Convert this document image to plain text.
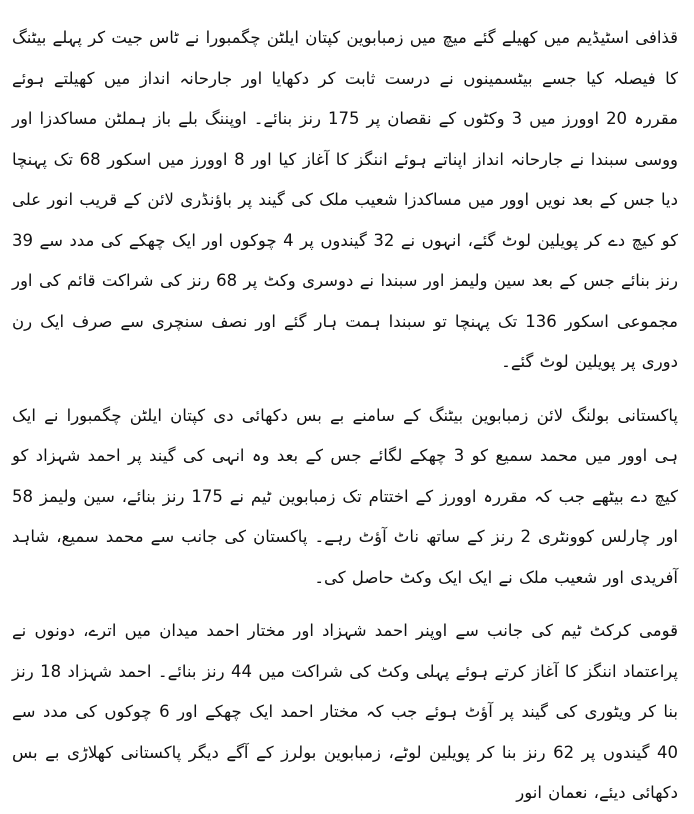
قذافی اسٹیڈیم میں کھیلے گئے میچ میں زمبابوین کپتان ایلٹن چگمبورا نے ٹاس جیت کر پہلے بیٹنگ کا فیصلہ کیا جسے بیٹسمینوں نے درست ثابت کر دکھایا اور جارحانہ انداز میں کھیلتے ہوئے مقررہ 20 اوورز میں 3 وکٹوں کے نقصان پر 175 رنز بنائے۔ اوپننگ بلے باز ہملٹن مساکدزا اور ووسی سبندا نے جارحانہ انداز اپناتے ہوئے اننگز کا آغاز کیا اور 8 اوورز میں اسکور 68 تک پہنچا دیا جس کے بعد نویں اوور میں مساکدزا شعیب ملک کی گیند پر باؤنڈری لائن کے قریب انور علی کو کیچ دے کر پویلین لوٹ گئے، انہوں نے 32 گیندوں پر 4 چوکوں اور ایک چھکے کی مدد سے 39 رنز بنائے جس کے بعد سین ولیمز اور سبندا نے دوسری وکٹ پر 68 رنز کی شراکت قائم کی اور مجموعی اسکور 136 تک پہنچا تو سبندا ہمت ہار گئے اور نصف سنچری سے صرف ایک رن دوری پر پویلین لوٹ گئے۔

پاکستانی بولنگ لائن زمبابوین بیٹنگ کے سامنے بے بس دکھائی دی کپتان ایلٹن چگمبورا نے ایک ہی اوور میں محمد سمیع کو 3 چھکے لگائے جس کے بعد وہ انہی کی گیند پر احمد شہزاد کو کیچ دے بیٹھے جب کہ مقررہ اوورز کے اختتام تک زمبابوین ٹیم نے 175 رنز بنائے، سین ولیمز 58 اور چارلس کوونٹری 2 رنز کے ساتھ ناٹ آؤٹ رہے۔ پاکستان کی جانب سے محمد سمیع، شاہد آفریدی اور شعیب ملک نے ایک ایک وکٹ حاصل کی۔

قومی کرکٹ ٹیم کی جانب سے اوپنر احمد شہزاد اور مختار احمد میدان میں اترے، دونوں نے پراعتماد اننگز کا آغاز کرتے ہوئے پہلی وکٹ کی شراکت میں 44 رنز بنائے۔ احمد شہزاد 18 رنز بنا کر ویٹوری کی گیند پر آؤٹ ہوئے جب کہ مختار احمد ایک چھکے اور 6 چوکوں کی مدد سے 40 گیندوں پر 62 رنز بنا کر پویلین لوٹے، زمبابوین بولرز کے آگے دیگر پاکستانی کھلاڑی بے بس دکھائی دیئے، نعمان انور
